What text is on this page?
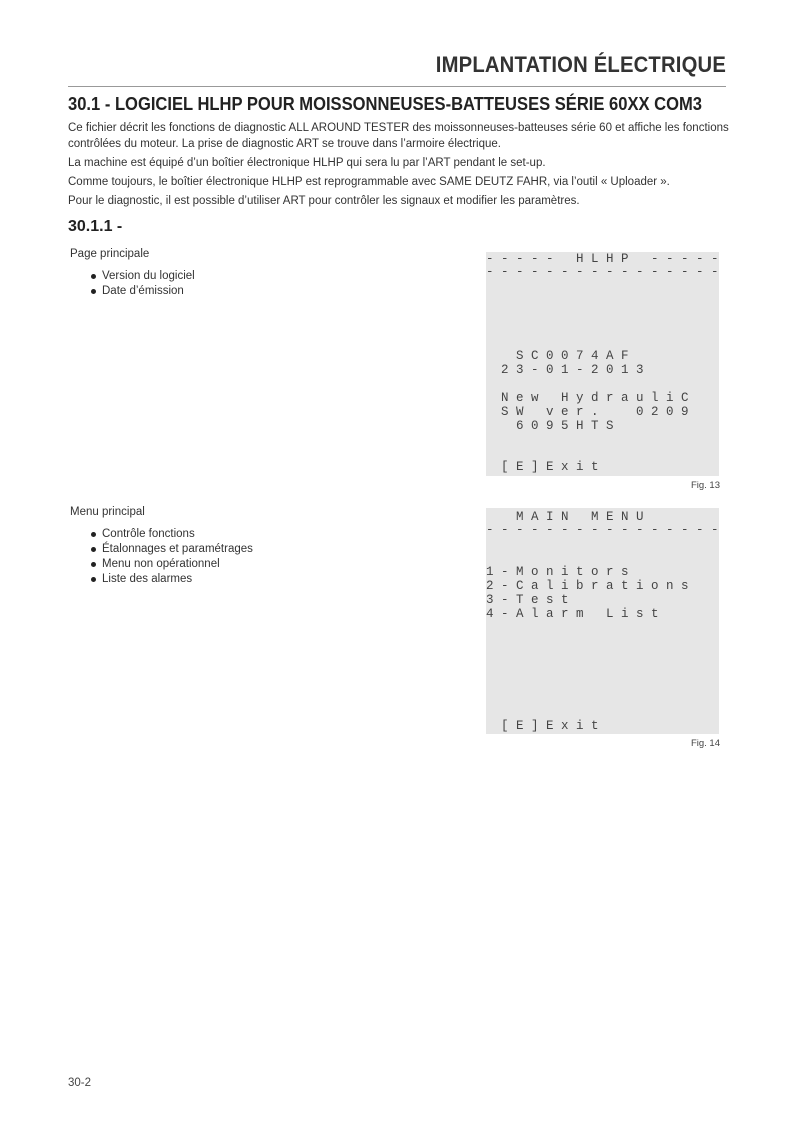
IMPLANTATION ÉLECTRIQUE
30.1 - LOGICIEL HLHP POUR MOISSONNEUSES-BATTEUSES SÉRIE 60XX COM3

Ce fichier décrit les fonctions de diagnostic ALL AROUND TESTER des moissonneuses-batteuses série 60 et affiche les fonctions contrôlées du moteur. La prise de diagnostic ART se trouve dans l’armoire électrique.

La machine est équipé d’un boîtier électronique HLHP qui sera lu par l’ART pendant le set-up.

Comme toujours, le boîtier électronique HLHP est reprogrammable avec SAME DEUTZ FAHR, via l’outil « Uploader ».

Pour le diagnostic, il est possible d’utiliser ART pour contrôler les signaux et modifier les paramètres.

30.1.1 -
Page principale
Version du logiciel
Date d’émission
- - - - -   H L H P   - - - - -
- - - - - - - - - - - - - - - -
S C 0 0 7 4 A F
2 3 - 0 1 - 2 0 1 3
N e w   H y d r a u l i C
S W   v e r .     0 2 0 9
6 0 9 5 H T S
[ E ] E x i t
Fig. 13
Menu principal
Contrôle fonctions
Étalonnages et paramétrages
Menu non opérationnel
Liste des alarmes
M A I N   M E N U
- - - - - - - - - - - - - - - -
1 - M o n i t o r s
2 - C a l i b r a t i o n s
3 - T e s t
4 - A l a r m   L i s t
[ E ] E x i t
Fig. 14
30-2
